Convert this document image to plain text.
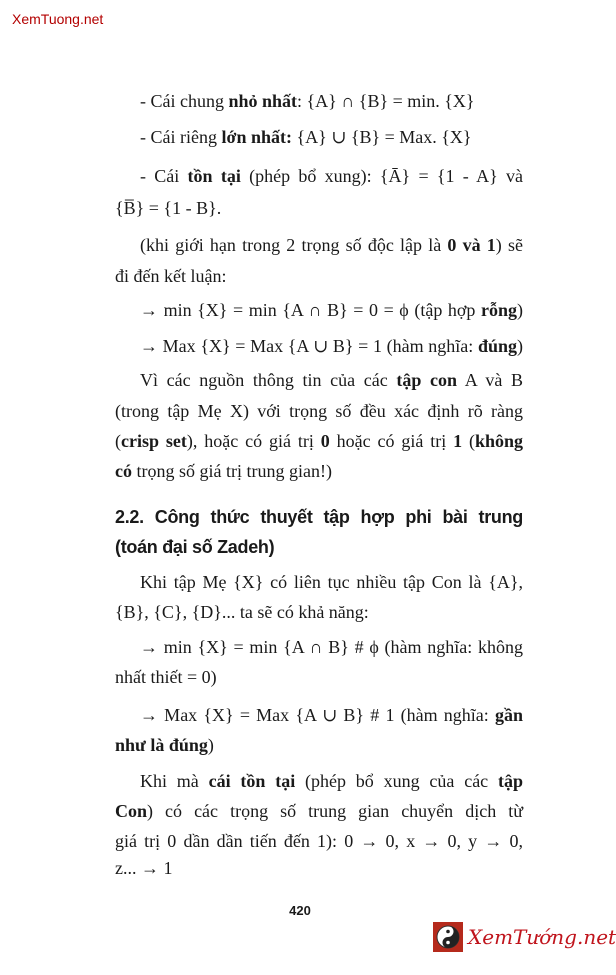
XemTuong.net
- Cái chung nhỏ nhất: {A} ∩ {B} = min. {X}
- Cái riêng lớn nhất: {A} ∪ {B} = Max. {X}
- Cái tồn tại (phép bổ xung): {Ā} = {1 - A} và
{B̅} = {1 - B}.
(khi giới hạn trong 2 trọng số độc lập là 0 và 1) sẽ
đi đến kết luận:
→ min {X} = min {A ∩ B} = 0 = ϕ (tập hợp rỗng)
→ Max {X} = Max {A ∪ B} = 1 (hàm nghĩa: đúng)
Vì các nguồn thông tin của các tập con A và B
(trong tập Mẹ X) với trọng số đều xác định rõ ràng
(crisp set), hoặc có giá trị 0 hoặc có giá trị 1 (không
có trọng số giá trị trung gian!)
2.2. Công thức thuyết tập hợp phi bài trung
(toán đại số Zadeh)
Khi tập Mẹ {X} có liên tục nhiều tập Con là {A},
{B}, {C}, {D}... ta sẽ có khả năng:
→ min {X} = min {A ∩ B} # ϕ (hàm nghĩa: không
nhất thiết = 0)
→ Max {X} = Max {A ∪ B} # 1 (hàm nghĩa: gần
như là đúng)
Khi mà cái tồn tại (phép bổ xung của các tập
Con) có các trọng số trung gian chuyển dịch từ
giá trị 0 dần dần tiến đến 1): 0 → 0, x → 0, y → 0,
z... → 1
420
XemTướng.net
